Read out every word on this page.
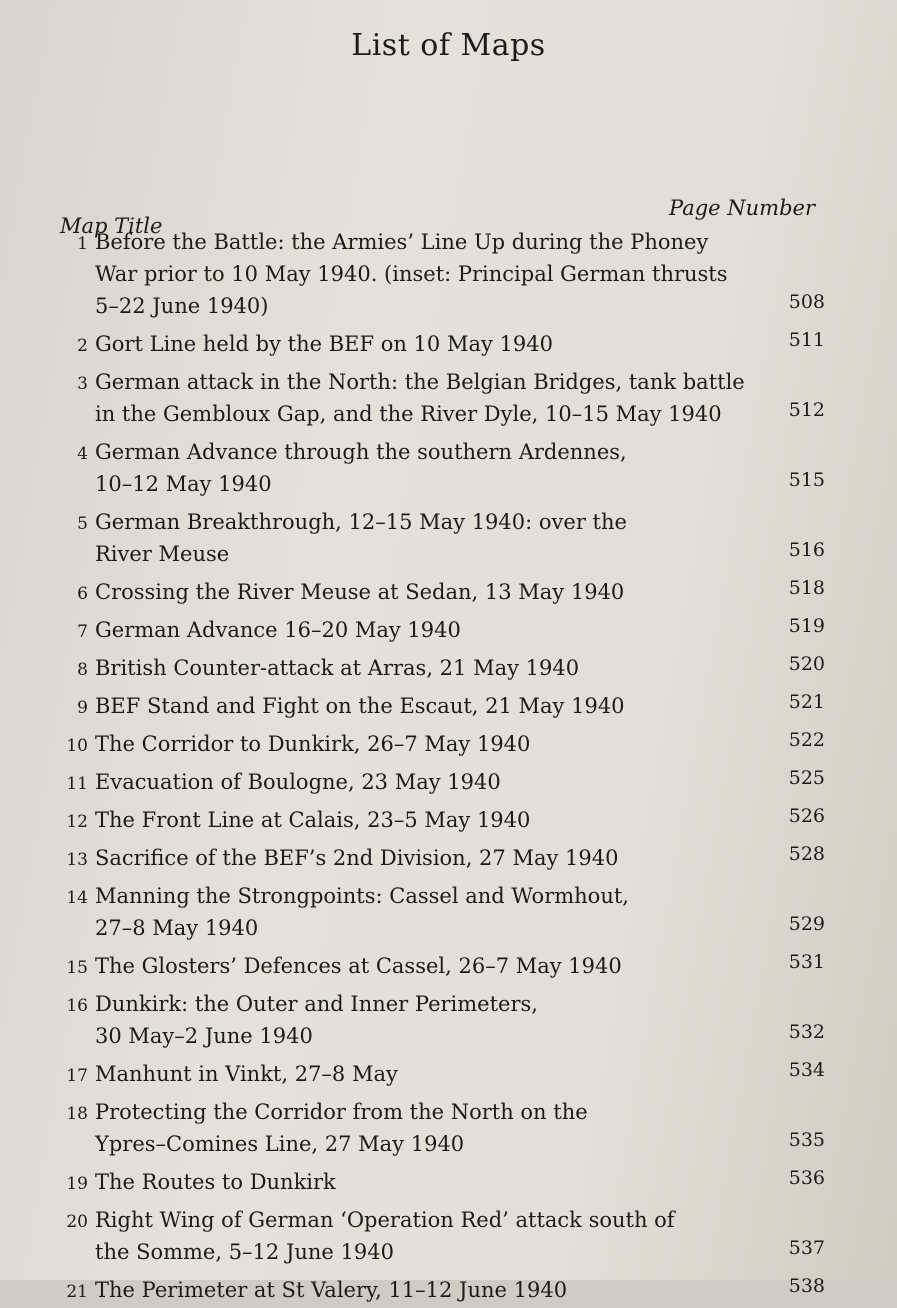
List of Maps
Map Title
Page Number
1 Before the Battle: the Armies’ Line Up during the Phoney
War prior to 10 May 1940. (inset: Principal German thrusts
5–22 June 1940)	508
2 Gort Line held by the BEF on 10 May 1940	511
3 German attack in the North: the Belgian Bridges, tank battle
in the Gembloux Gap, and the River Dyle, 10–15 May 1940	512
4 German Advance through the southern Ardennes,
10–12 May 1940	515
5 German Breakthrough, 12–15 May 1940: over the
River Meuse	516
6 Crossing the River Meuse at Sedan, 13 May 1940	518
7 German Advance 16–20 May 1940	519
8 British Counter-attack at Arras, 21 May 1940	520
9 BEF Stand and Fight on the Escaut, 21 May 1940	521
10 The Corridor to Dunkirk, 26–7 May 1940	522
11 Evacuation of Boulogne, 23 May 1940	525
12 The Front Line at Calais, 23–5 May 1940	526
13 Sacrifice of the BEF’s 2nd Division, 27 May 1940	528
14 Manning the Strongpoints: Cassel and Wormhout,
27–8 May 1940	529
15 The Glosters’ Defences at Cassel, 26–7 May 1940	531
16 Dunkirk: the Outer and Inner Perimeters,
30 May–2 June 1940	532
17 Manhunt in Vinkt, 27–8 May	534
18 Protecting the Corridor from the North on the
Ypres–Comines Line, 27 May 1940	535
19 The Routes to Dunkirk	536
20 Right Wing of German ‘Operation Red’ attack south of
the Somme, 5–12 June 1940	537
21 The Perimeter at St Valery, 11–12 June 1940	538
